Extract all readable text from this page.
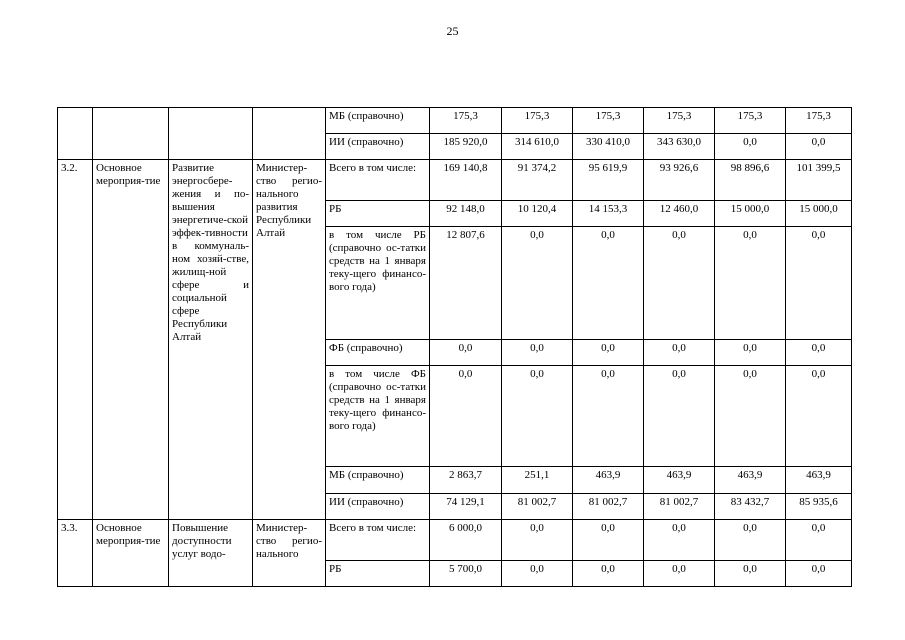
25
				МБ (справочно)	175,3	175,3	175,3	175,3	175,3	175,3
				ИИ (справочно)	185 920,0	314 610,0	330 410,0	343 630,0	0,0	0,0
3.2.	Основное мероприя-тие	Развитие энергосбере-жения и по-вышения энергетиче-ской эффек-тивности в коммуналь-ном хозяй-стве, жилищ-ной сфере и социальной сфере Республики Алтай	Министер-ство регио-нального развития Республики Алтай	Всего в том числе:	169 140,8	91 374,2	95 619,9	93 926,6	98 896,6	101 399,5
				РБ	92 148,0	10 120,4	14 153,3	12 460,0	15 000,0	15 000,0
				в том числе РБ (справочно ос-татки средств на 1 января теку-щего финансо-вого года)	12 807,6	0,0	0,0	0,0	0,0	0,0
				ФБ (справочно)	0,0	0,0	0,0	0,0	0,0	0,0
				в том числе ФБ (справочно ос-татки средств на 1 января теку-щего финансо-вого года)	0,0	0,0	0,0	0,0	0,0	0,0
				МБ (справочно)	2 863,7	251,1	463,9	463,9	463,9	463,9
				ИИ (справочно)	74 129,1	81 002,7	81 002,7	81 002,7	83 432,7	85 935,6
3.3.	Основное мероприя-тие	Повышение доступности услуг водо-	Министер-ство регио-нального	Всего в том числе:	6 000,0	0,0	0,0	0,0	0,0	0,0
				РБ	5 700,0	0,0	0,0	0,0	0,0	0,0
